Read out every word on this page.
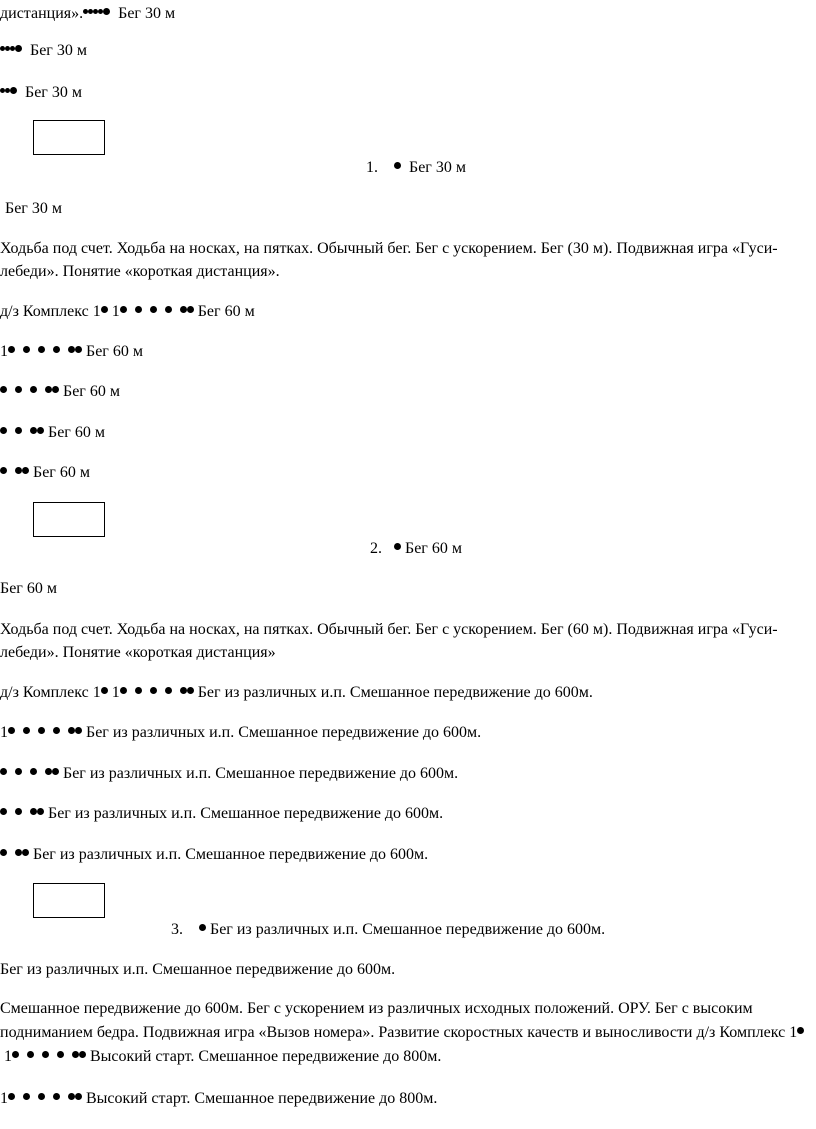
дистанция». Бег 30 м
Бег 30 м
Бег 30 м
1. Бег 30 м
Бег 30 м
Ходьба под счет. Ходьба на носках, на пятках. Обычный бег. Бег с ускорением. Бег (30 м). Подвижная игра «Гуси-лебеди». Понятие «короткая дистанция».
д/з Комплекс 1 1	Бег 60 м
1	Бег 60 м
Бег 60 м
Бег 60 м
Бег 60 м
2. Бег 60 м
Бег 60 м
Ходьба под счет. Ходьба на носках, на пятках. Обычный бег. Бег с ускорением. Бег (60 м). Подвижная игра «Гуси-лебеди». Понятие «короткая дистанция»
д/з Комплекс 1 1	Бег из различных и.п. Смешанное передвижение до 600м.
1	Бег из различных и.п. Смешанное передвижение до 600м.
Бег из различных и.п. Смешанное передвижение до 600м.
Бег из различных и.п. Смешанное передвижение до 600м.
Бег из различных и.п. Смешанное передвижение до 600м.
3. Бег из различных и.п. Смешанное передвижение до 600м.
Бег из различных и.п. Смешанное передвижение до 600м.
Смешанное передвижение до 600м. Бег с ускорением из различных исходных положений. ОРУ. Бег с высоким подниманием бедра. Подвижная игра «Вызов номера». Развитие скоростных качеств и выносливости д/з Комплекс 1 1	Высокий старт. Смешанное передвижение до 800м.
1	Высокий старт. Смешанное передвижение до 800м.
